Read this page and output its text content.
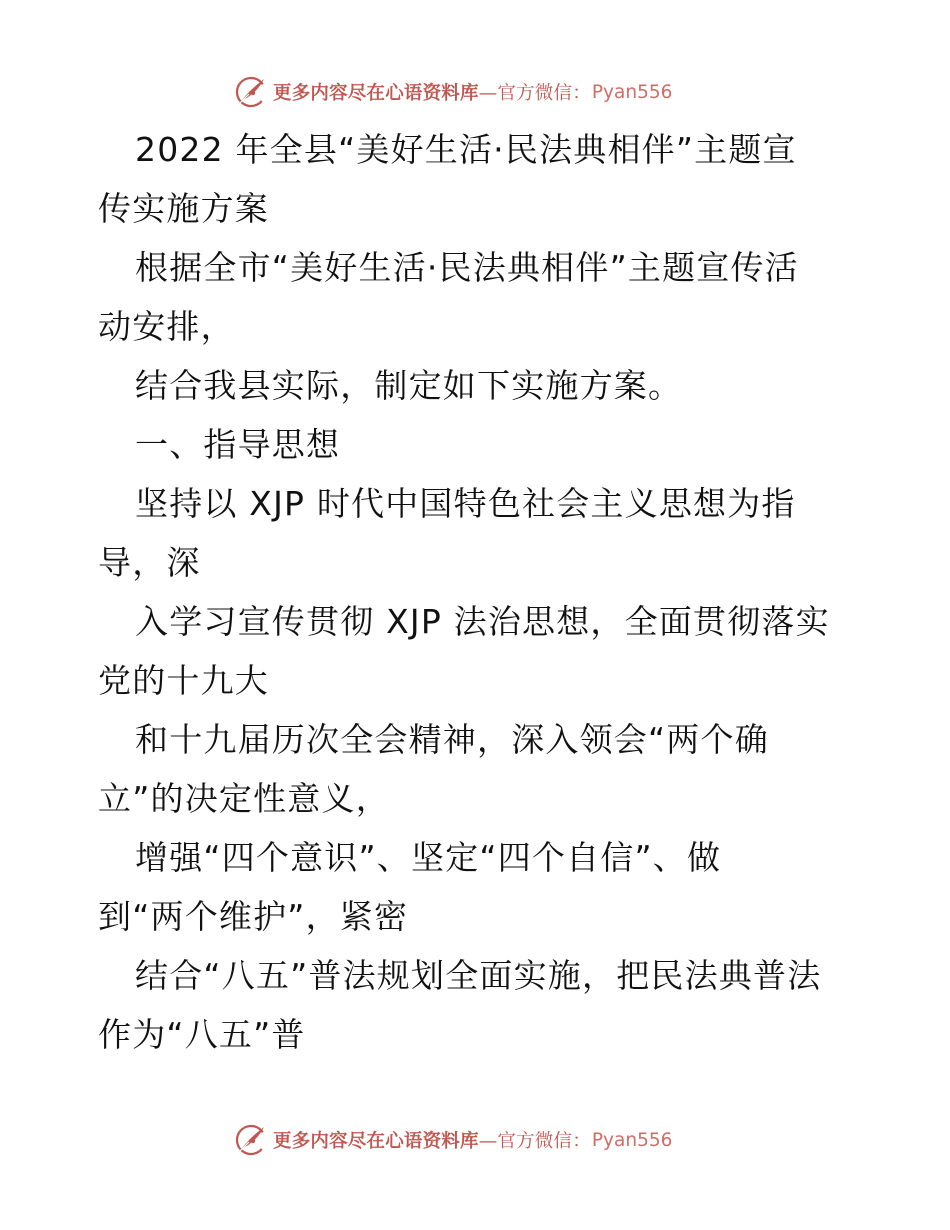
更多内容尽在心语资料库—官方微信： Pyan556
2022 年全县“美好生活·民法典相伴”主题宣
传实施方案
根据全市“美好生活·民法典相伴”主题宣传活
动安排，
结合我县实际，制定如下实施方案。
一、指导思想
坚持以 XJP 时代中国特色社会主义思想为指
导，深
入学习宣传贯彻 XJP 法治思想，全面贯彻落实
党的十九大
和十九届历次全会精神，深入领会“两个确
立”的决定性意义，
增强“四个意识”、坚定“四个自信”、做
到“两个维护”，紧密
结合“八五”普法规划全面实施，把民法典普法
作为“八五”普
更多内容尽在心语资料库—官方微信： Pyan556
